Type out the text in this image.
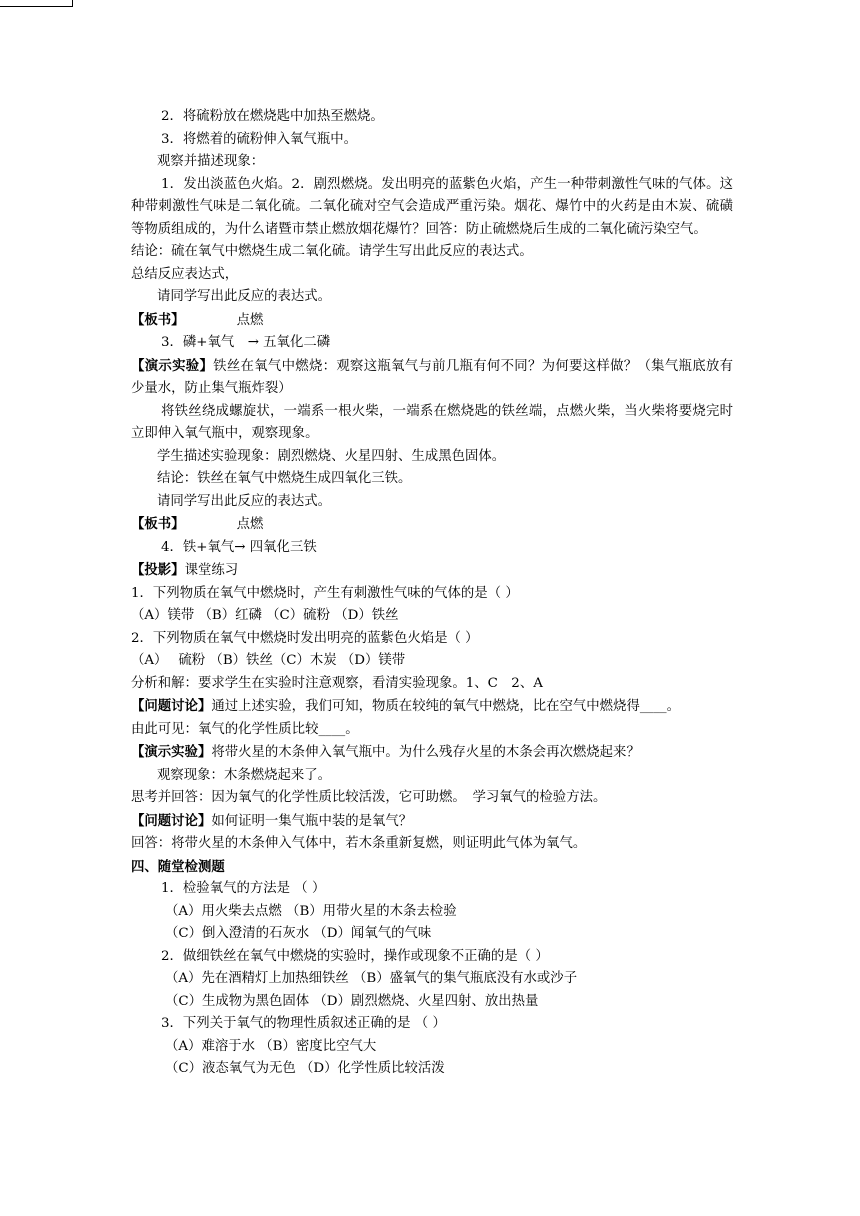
2．将硫粉放在燃烧匙中加热至燃烧。
3．将燃着的硫粉伸入氧气瓶中。
观察并描述现象：
1．发出淡蓝色火焰。2．剧烈燃烧。发出明亮的蓝紫色火焰，产生一种带刺激性气味的气体。这种带刺激性气味是二氧化硫。二氧化硫对空气会造成严重污染。烟花、爆竹中的火药是由木炭、硫磺等物质组成的，为什么诸暨市禁止燃放烟花爆竹？回答：防止硫燃烧后生成的二氧化硫污染空气。
结论：硫在氧气中燃烧生成二氧化硫。请学生写出此反应的表达式。
总结反应表达式，
请同学写出此反应的表达式。
【板书】	点燃
3．磷+氧气　→ 五氧化二磷
【演示实验】铁丝在氧气中燃烧：观察这瓶氧气与前几瓶有何不同？为何要这样做？（集气瓶底放有少量水，防止集气瓶炸裂）
将铁丝绕成螺旋状，一端系一根火柴，一端系在燃烧匙的铁丝端，点燃火柴，当火柴将要烧完时立即伸入氧气瓶中，观察现象。
学生描述实验现象：剧烈燃烧、火星四射、生成黑色固体。
结论：铁丝在氧气中燃烧生成四氧化三铁。
请同学写出此反应的表达式。
【板书】	点燃
4．铁+氧气→ 四氧化三铁
【投影】课堂练习
1．下列物质在氧气中燃烧时，产生有刺激性气味的气体的是（ ）
（A）镁带 （B）红磷 （C）硫粉 （D）铁丝
2．下列物质在氧气中燃烧时发出明亮的蓝紫色火焰是（ ）
（A）　 硫粉 （B）铁丝（C）木炭 （D）镁带
分析和解：要求学生在实验时注意观察，看清实验现象。1、C　2、A
【问题讨论】通过上述实验，我们可知，物质在较纯的氧气中燃烧，比在空气中燃烧得____。
由此可见：氧气的化学性质比较____。
【演示实验】将带火星的木条伸入氧气瓶中。为什么残存火星的木条会再次燃烧起来？
观察现象：木条燃烧起来了。
思考并回答：因为氧气的化学性质比较活泼，它可助燃。　学习氧气的检验方法。
【问题讨论】如何证明一集气瓶中装的是氧气？
回答：将带火星的木条伸入气体中，若木条重新复燃，则证明此气体为氧气。
四、随堂检测题
1．检验氧气的方法是 （ ）
（A）用火柴去点燃 （B）用带火星的木条去检验
（C）倒入澄清的石灰水 （D）闻氧气的气味
2．做细铁丝在氧气中燃烧的实验时，操作或现象不正确的是（ ）
（A）先在酒精灯上加热细铁丝 （B）盛氧气的集气瓶底没有水或沙子
（C）生成物为黑色固体 （D）剧烈燃烧、火星四射、放出热量
3．下列关于氧气的物理性质叙述正确的是 （ ）
（A）难溶于水 （B）密度比空气大
（C）液态氧气为无色 （D）化学性质比较活泼
